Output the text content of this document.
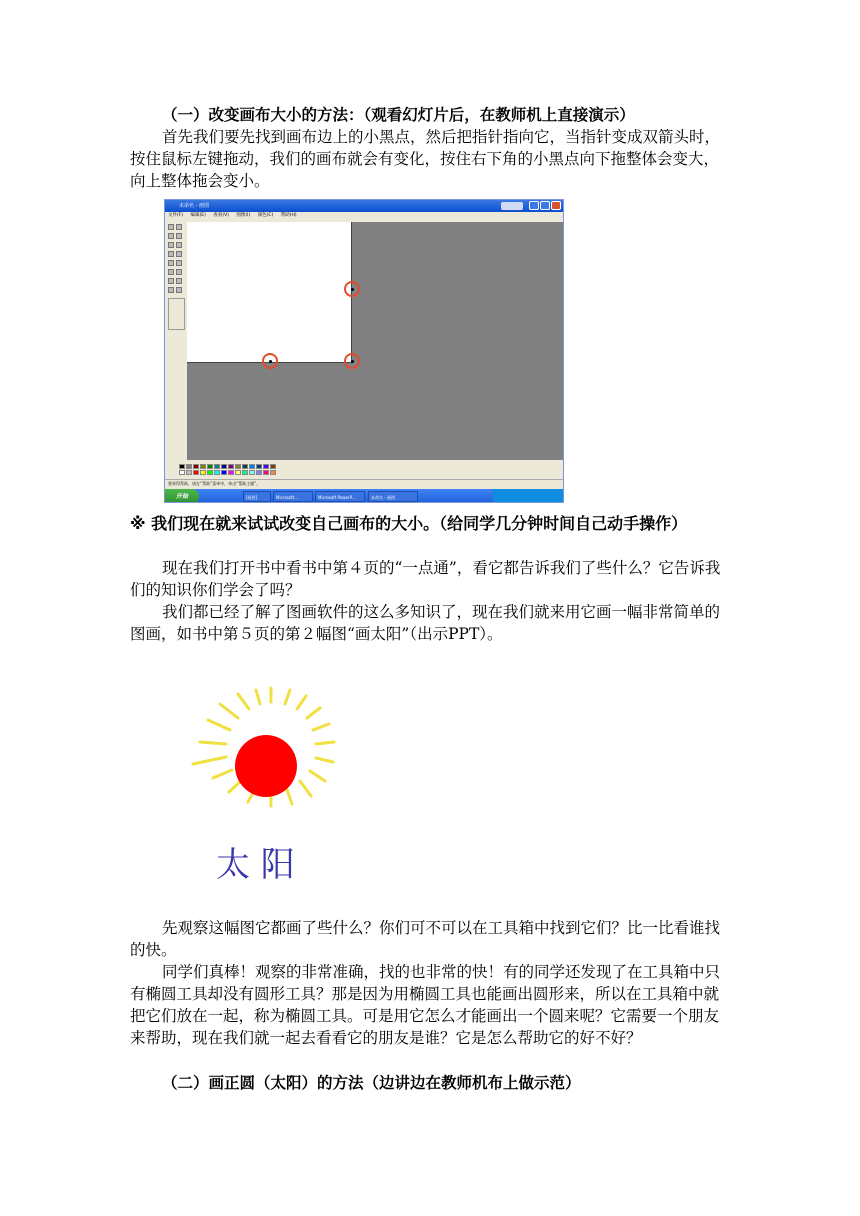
（一）改变画布大小的方法：（观看幻灯片后，在教师机上直接演示）
首先我们要先找到画布边上的小黑点，然后把指针指向它，当指针变成双箭头时，按住鼠标左键拖动，我们的画布就会有变化，按住右下角的小黑点向下拖整体会变大，向上整体拖会变小。
未命名 - 画图
文件(F) 编辑(E) 查看(V) 图像(I) 颜色(C) 帮助(H)
要获得帮助，请在“帮助”菜单中，单击“帮助主题”。
开始	[画图]	Microsoft...	Microsoft PowerP...	未命名 - 画图
※ 我们现在就来试试改变自己画布的大小。（给同学几分钟时间自己动手操作）
现在我们打开书中看书中第４页的“一点通”，看它都告诉我们了些什么？它告诉我们的知识你们学会了吗？
我们都已经了解了图画软件的这么多知识了，现在我们就来用它画一幅非常简单的图画，如书中第５页的第２幅图“画太阳”（出示PPT）。
太 阳
先观察这幅图它都画了些什么？你们可不可以在工具箱中找到它们？比一比看谁找的快。
同学们真棒！观察的非常准确，找的也非常的快！有的同学还发现了在工具箱中只有椭圆工具却没有圆形工具？那是因为用椭圆工具也能画出圆形来，所以在工具箱中就把它们放在一起，称为椭圆工具。可是用它怎么才能画出一个圆来呢？它需要一个朋友来帮助，现在我们就一起去看看它的朋友是谁？它是怎么帮助它的好不好？
（二）画正圆（太阳）的方法（边讲边在教师机布上做示范）
